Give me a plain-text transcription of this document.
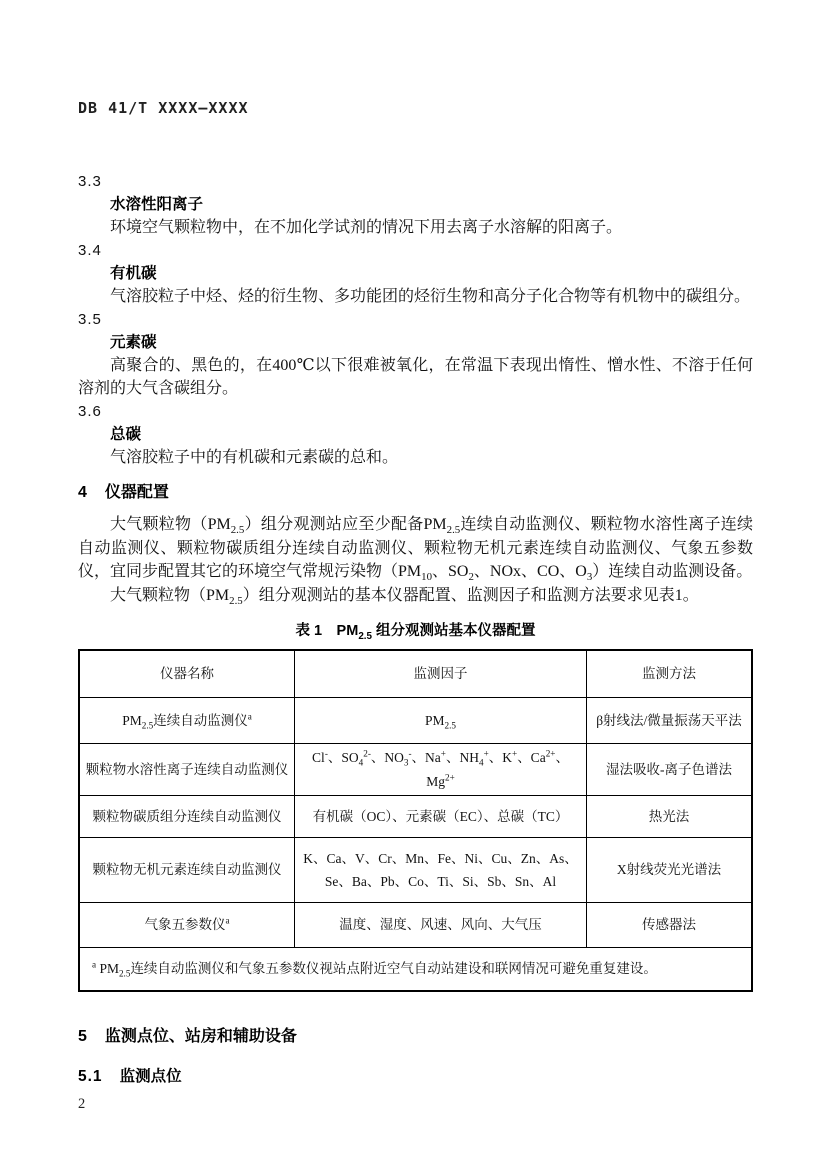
DB 41/T XXXX—XXXX
3.3
水溶性阳离子

环境空气颗粒物中，在不加化学试剂的情况下用去离子水溶解的阳离子。

3.4
有机碳

气溶胶粒子中烃、烃的衍生物、多功能团的烃衍生物和高分子化合物等有机物中的碳组分。

3.5
元素碳

高聚合的、黑色的，在400℃以下很难被氧化，在常温下表现出惰性、憎水性、不溶于任何溶剂的大气含碳组分。

3.6
总碳

气溶胶粒子中的有机碳和元素碳的总和。

4 仪器配置

大气颗粒物$(PM_{2.5})$组分观测站应至少配备$PM_{2.5}$连续自动监测仪、颗粒物水溶性离子连续自动监测仪、颗粒物碳质组分连续自动监测仪、颗粒物无机元素连续自动监测仪、气象五参数仪，宜同步配置其它的环境空气常规污染物（$PM_{10}$、$SO_2$、NOx、CO、$O_3$）连续自动监测设备。

大气颗粒物$(PM_{2.5})$组分观测站的基本仪器配置、监测因子和监测方法要求见表1。

表 1　$PM_{2.5}$ 组分观测站基本仪器配置
仪器名称	监测因子	监测方法
$PM_{2.5}$连续自动监测仪$^a$	$PM_{2.5}$	β射线法/微量振荡天平法
颗粒物水溶性离子连续自动监测仪	Cl-、$SO_4^{2-}$、$NO_3^-$、Na+、$NH_4^+$、K+、$Ca^{2+}$、$Mg^{2+}$	湿法吸收-离子色谱法
颗粒物碳质组分连续自动监测仪	有机碳（OC）、元素碳（EC）、总碳（TC）	热光法
颗粒物无机元素连续自动监测仪	K、Ca、V、Cr、Mn、Fe、Ni、Cu、Zn、As、Se、Ba、Pb、Co、Ti、Si、Sb、Sn、Al	X射线荧光光谱法
气象五参数仪$^a$	温度、湿度、风速、风向、大气压	传感器法
$^a$ $PM_{2.5}$连续自动监测仪和气象五参数仪视站点附近空气自动站建设和联网情况可避免重复建设。		
5 监测点位、站房和辅助设备
5.1 监测点位
2
